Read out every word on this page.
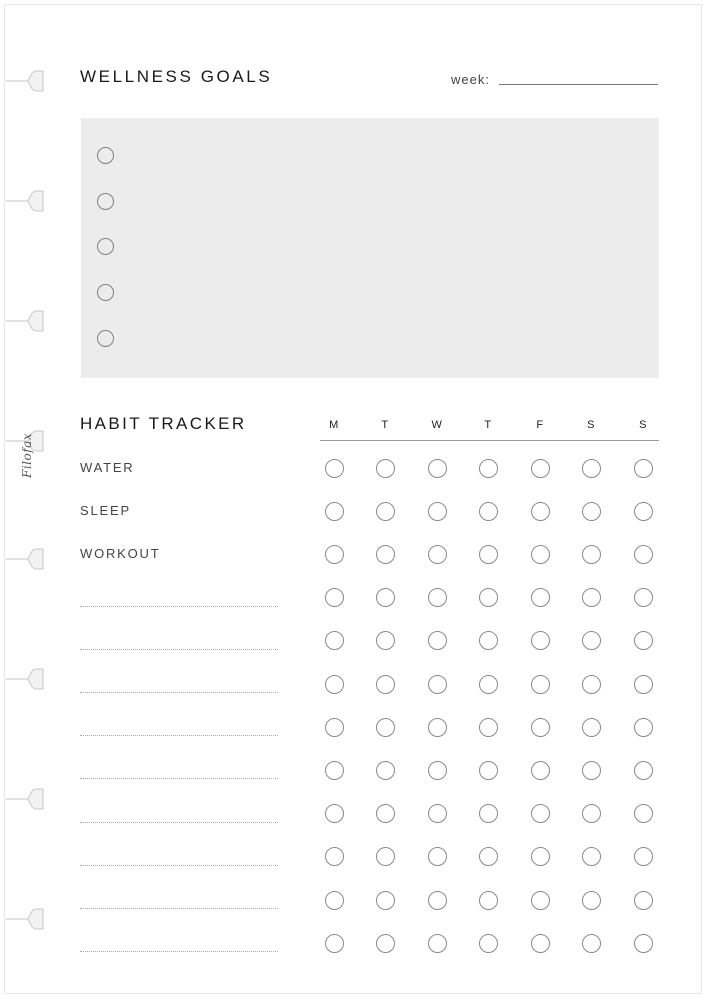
Filofax
WELLNESS GOALS	week:
HABIT TRACKER	M	T	W	T	F	S	S
WATER
SLEEP
WORKOUT
